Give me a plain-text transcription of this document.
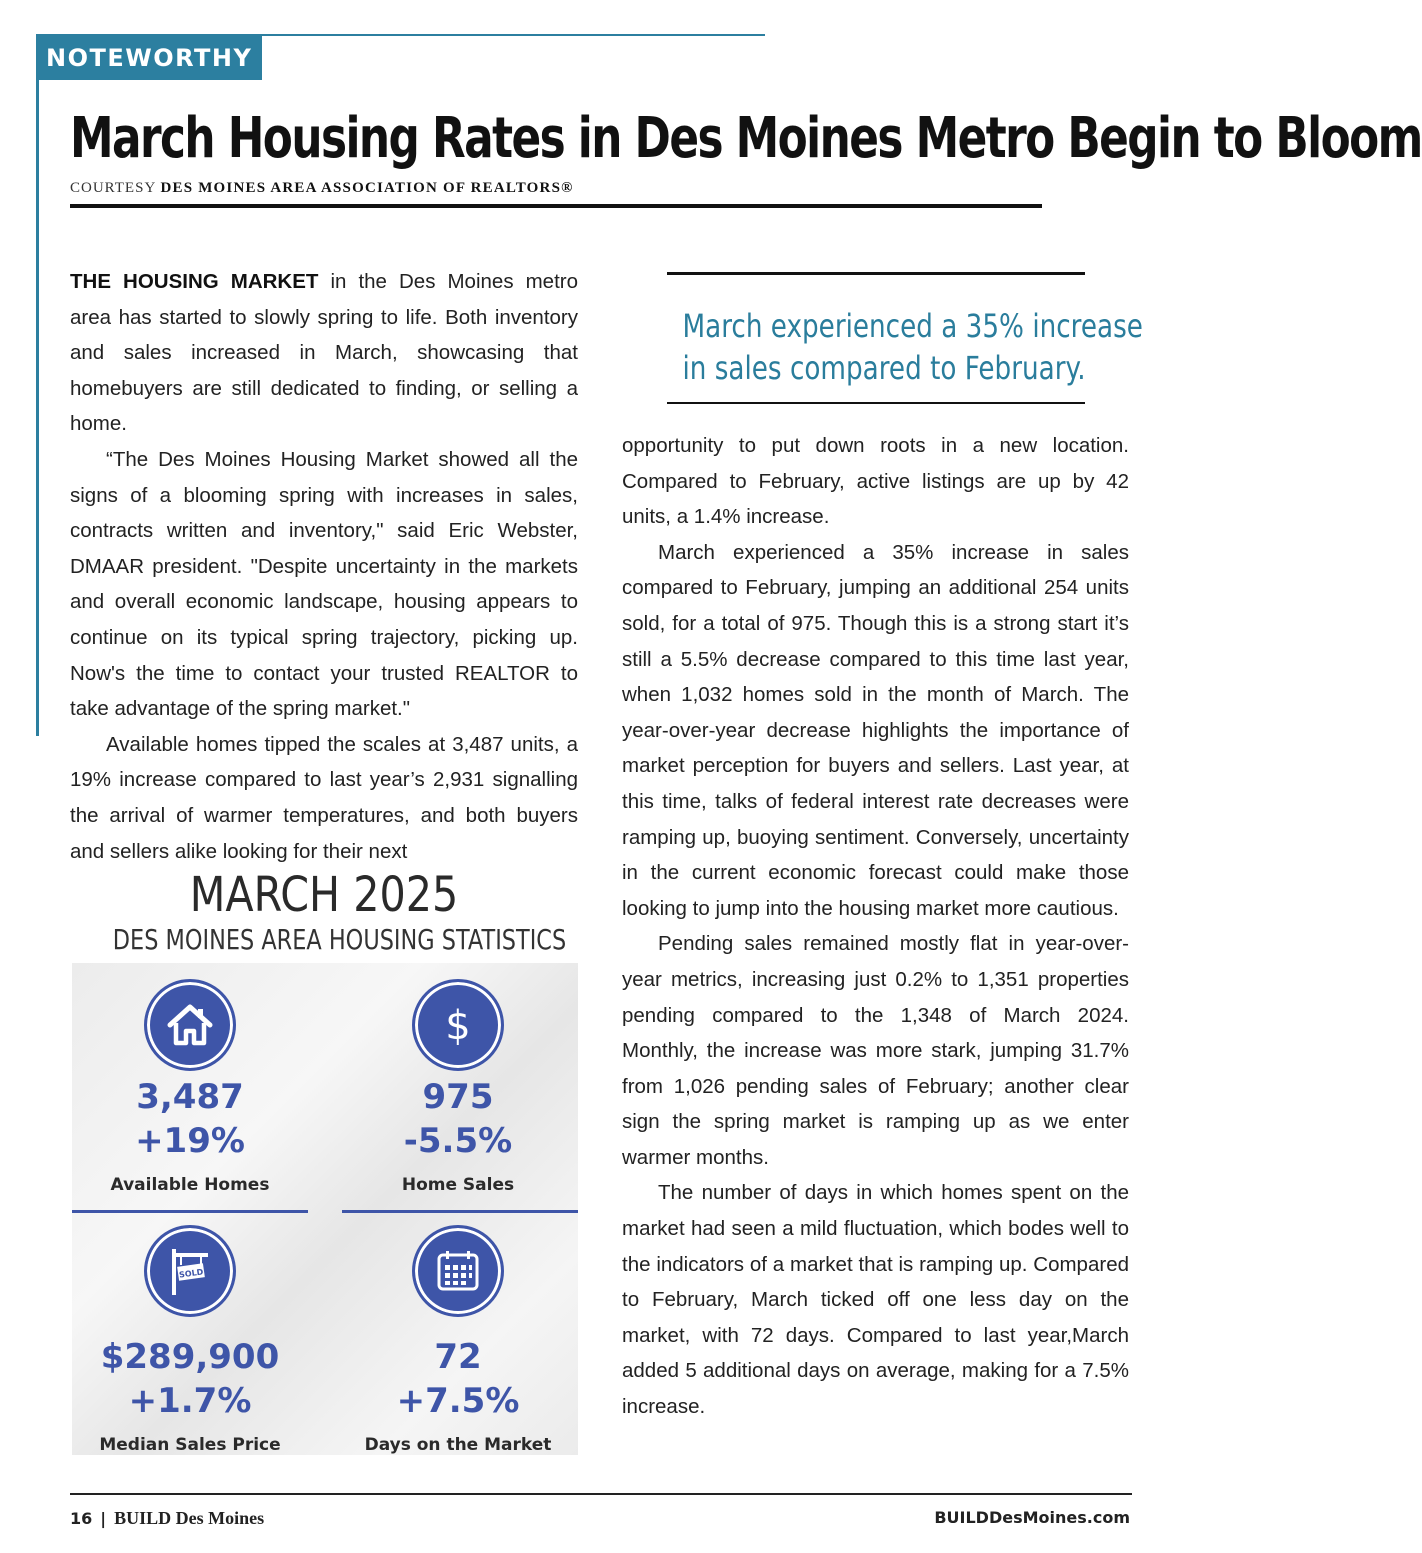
NOTEWORTHY
March Housing Rates in Des Moines Metro Begin to Bloom
COURTESY DES MOINES AREA ASSOCIATION OF REALTORS®

THE HOUSING MARKET in the Des Moines metro area has started to slowly spring to life. Both inventory and sales increased in March, showcasing that homebuyers are still dedicated to finding, or selling a home.

“The Des Moines Housing Market showed all the signs of a blooming spring with increases in sales, contracts written and inventory," said Eric Webster, DMAAR president. "Despite uncertainty in the markets and overall economic landscape, housing appears to continue on its typical spring trajectory, picking up. Now's the time to contact your trusted REALTOR to take advantage of the spring market."

Available homes tipped the scales at 3,487 units, a 19% increase compared to last year’s 2,931 signalling the arrival of warmer temperatures, and both buyers and sellers alike looking for their next

March experienced a 35% increase
in sales compared to February.

opportunity to put down roots in a new location. Compared to February, active listings are up by 42 units, a 1.4% increase.

March experienced a 35% increase in sales compared to February, jumping an additional 254 units sold, for a total of 975. Though this is a strong start it’s still a 5.5% decrease compared to this time last year, when 1,032 homes sold in the month of March. The year-over-year decrease highlights the importance of market perception for buyers and sellers. Last year, at this time, talks of federal interest rate decreases were ramping up, buoying sentiment. Conversely, uncertainty in the current economic forecast could make those looking to jump into the housing market more cautious.

Pending sales remained mostly flat in year-over-year metrics, increasing just 0.2% to 1,351 properties pending compared to the 1,348 of March 2024. Monthly, the increase was more stark, jumping 31.7% from 1,026 pending sales of February; another clear sign the spring market is ramping up as we enter warmer months.

The number of days in which homes spent on the market had seen a mild fluctuation, which bodes well to the indicators of a market that is ramping up. Compared to February, March ticked off one less day on the market, with 72 days. Compared to last year,March added 5 additional days on average, making for a 7.5% increase.

MARCH 2025
DES MOINES AREA HOUSING STATISTICS
3,487
+19%
Available Homes
$
975
-5.5%
Home Sales
SOLD
$289,900
+1.7%
Median Sales Price
72
+7.5%
Days on the Market
16 | BUILD Des Moines	BUILDDesMoines.com
